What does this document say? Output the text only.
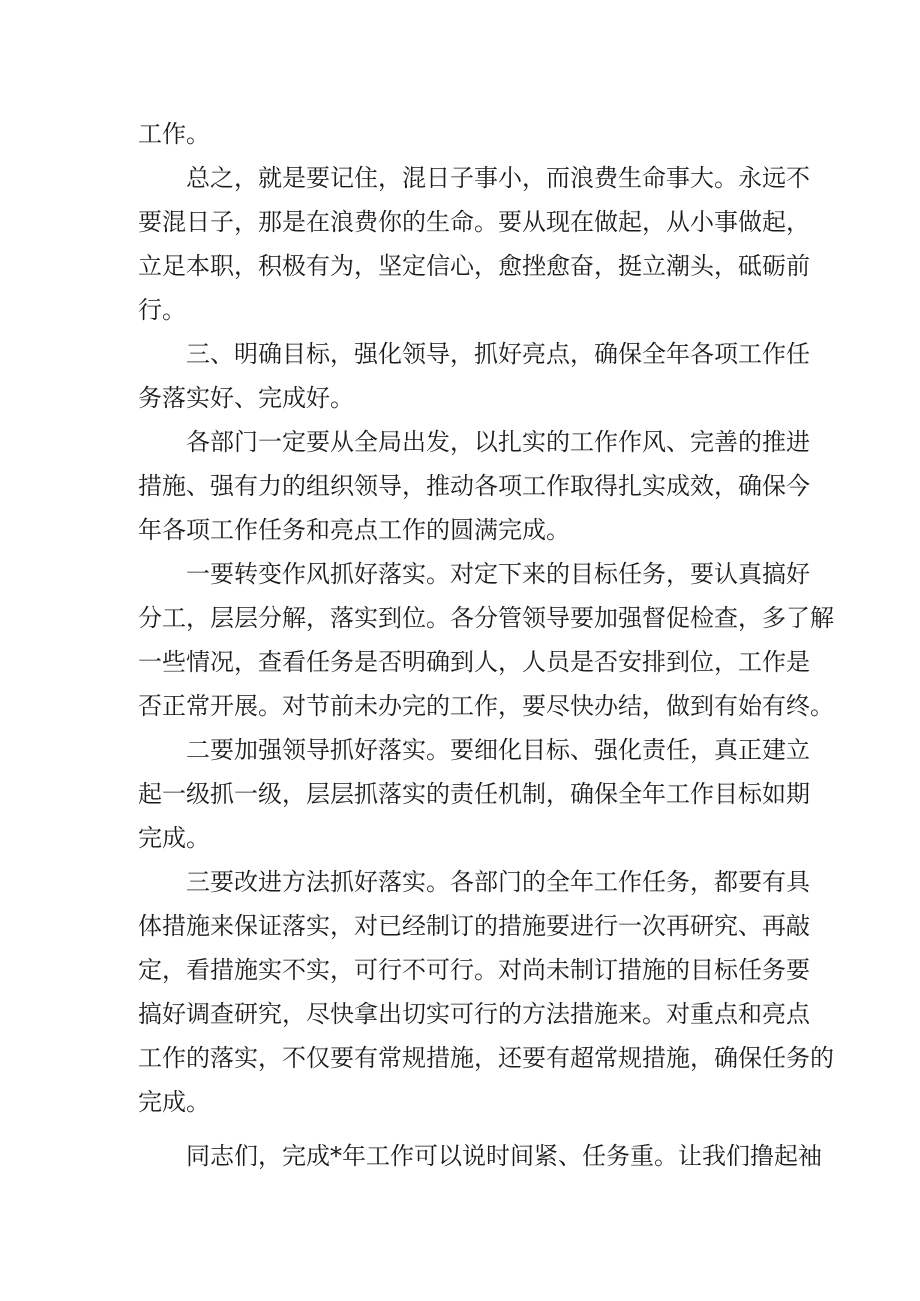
工作。

总之，就是要记住，混日子事小，而浪费生命事大。永远不

要混日子，那是在浪费你的生命。要从现在做起，从小事做起，

立足本职，积极有为，坚定信心，愈挫愈奋，挺立潮头，砥砺前

行。

三、明确目标，强化领导，抓好亮点，确保全年各项工作任

务落实好、完成好。

各部门一定要从全局出发，以扎实的工作作风、完善的推进

措施、强有力的组织领导，推动各项工作取得扎实成效，确保今

年各项工作任务和亮点工作的圆满完成。

一要转变作风抓好落实。对定下来的目标任务，要认真搞好

分工，层层分解，落实到位。各分管领导要加强督促检查，多了解

一些情况，查看任务是否明确到人，人员是否安排到位，工作是

否正常开展。对节前未办完的工作，要尽快办结，做到有始有终。

二要加强领导抓好落实。要细化目标、强化责任，真正建立

起一级抓一级，层层抓落实的责任机制，确保全年工作目标如期

完成。

三要改进方法抓好落实。各部门的全年工作任务，都要有具

体措施来保证落实，对已经制订的措施要进行一次再研究、再敲

定，看措施实不实，可行不可行。对尚未制订措施的目标任务要

搞好调查研究，尽快拿出切实可行的方法措施来。对重点和亮点

工作的落实，不仅要有常规措施，还要有超常规措施，确保任务的

完成。

同志们，完成*年工作可以说时间紧、任务重。让我们撸起袖
